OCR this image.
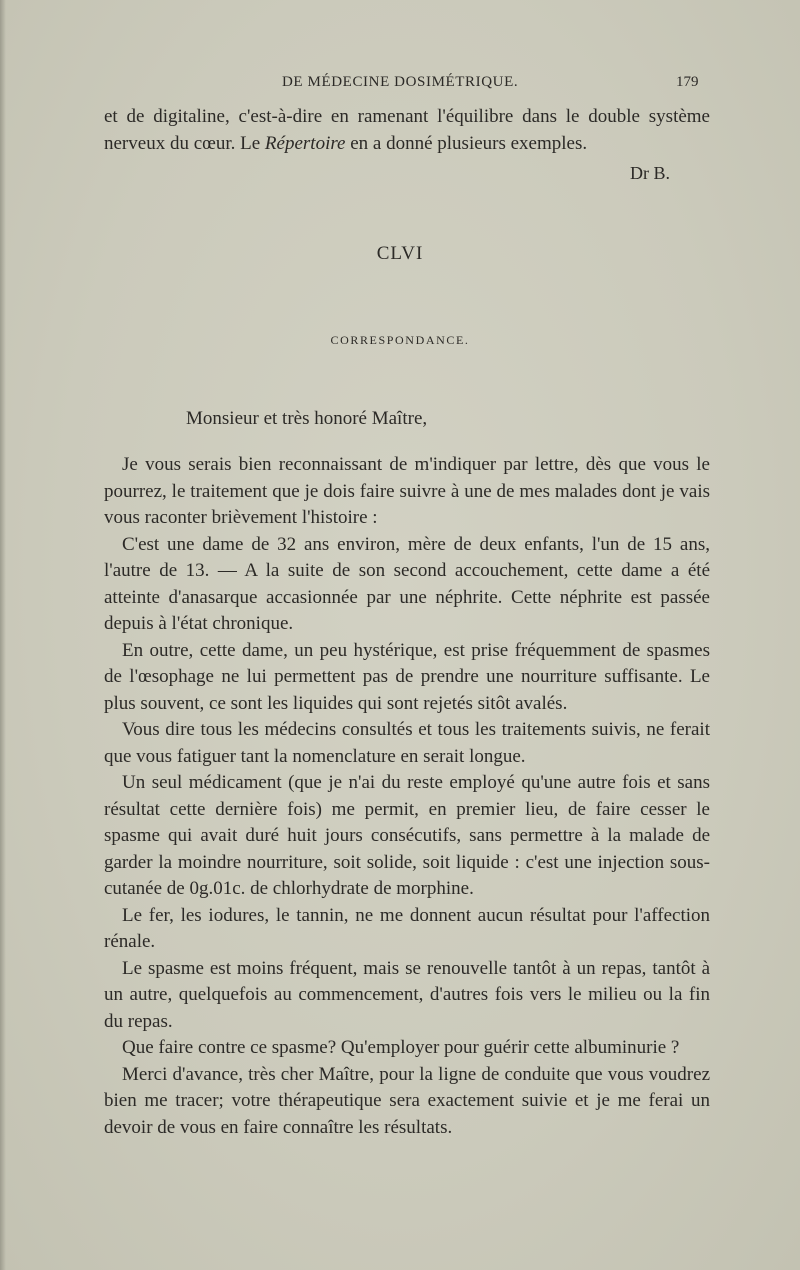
DE MÉDECINE DOSIMÉTRIQUE.	179

et de digitaline, c'est-à-dire en ramenant l'équilibre dans le double système nerveux du cœur. Le Répertoire en a donné plusieurs exemples.

Dr B.
CLVI
CORRESPONDANCE.
Monsieur et très honoré Maître,

Je vous serais bien reconnaissant de m'indiquer par lettre, dès que vous le pourrez, le traitement que je dois faire suivre à une de mes malades dont je vais vous raconter brièvement l'histoire :

C'est une dame de 32 ans environ, mère de deux enfants, l'un de 15 ans, l'autre de 13. — A la suite de son second accouchement, cette dame a été atteinte d'anasarque accasionnée par une néphrite. Cette néphrite est passée depuis à l'état chronique.

En outre, cette dame, un peu hystérique, est prise fréquemment de spasmes de l'œsophage ne lui permettent pas de prendre une nourriture suffisante. Le plus souvent, ce sont les liquides qui sont rejetés sitôt avalés.

Vous dire tous les médecins consultés et tous les traitements suivis, ne ferait que vous fatiguer tant la nomenclature en serait longue.

Un seul médicament (que je n'ai du reste employé qu'une autre fois et sans résultat cette dernière fois) me permit, en premier lieu, de faire cesser le spasme qui avait duré huit jours consécutifs, sans permettre à la malade de garder la moindre nourriture, soit solide, soit liquide : c'est une injection sous-cutanée de 0g.01c. de chlorhydrate de morphine.

Le fer, les iodures, le tannin, ne me donnent aucun résultat pour l'affection rénale.

Le spasme est moins fréquent, mais se renouvelle tantôt à un repas, tantôt à un autre, quelquefois au commencement, d'autres fois vers le milieu ou la fin du repas.

Que faire contre ce spasme? Qu'employer pour guérir cette albuminurie ?

Merci d'avance, très cher Maître, pour la ligne de conduite que vous voudrez bien me tracer; votre thérapeutique sera exactement suivie et je me ferai un devoir de vous en faire connaître les résultats.
